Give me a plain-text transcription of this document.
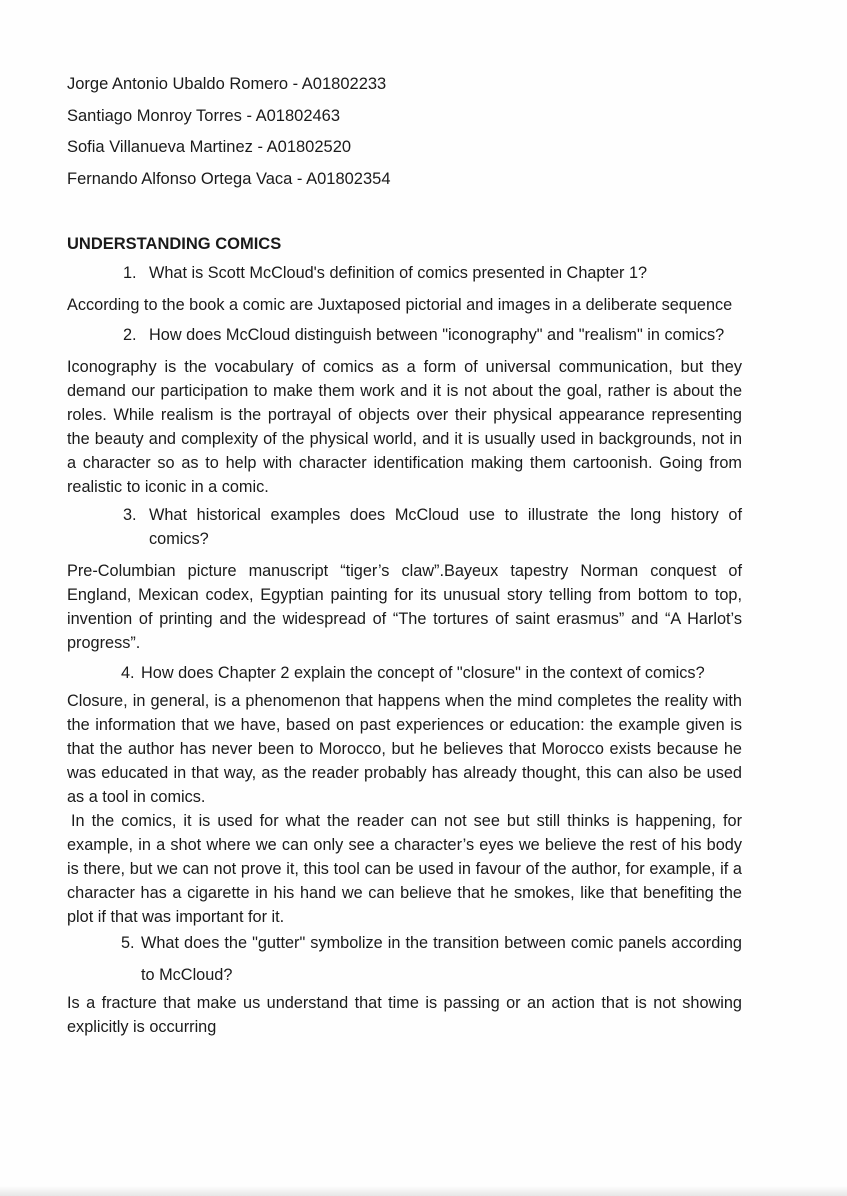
Jorge Antonio Ubaldo Romero - A01802233
Santiago Monroy Torres - A01802463
Sofia Villanueva Martinez - A01802520
Fernando Alfonso Ortega Vaca - A01802354
UNDERSTANDING COMICS
1. What is Scott McCloud's definition of comics presented in Chapter 1?
According to the book a comic are Juxtaposed pictorial and images in a deliberate sequence
2. How does McCloud distinguish between "iconography" and "realism" in comics?
Iconography is the vocabulary of comics as a form of universal communication, but they demand our participation to make them work and it is not about the goal, rather is about the roles. While realism is the portrayal of objects over their physical appearance representing the beauty and complexity of the physical world, and it is usually used in backgrounds, not in a character so as to help with character identification making them cartoonish. Going from realistic to iconic in a comic.
3. What historical examples does McCloud use to illustrate the long history of comics?
Pre-Columbian picture manuscript “tiger’s claw”.Bayeux tapestry Norman conquest of England, Mexican codex, Egyptian painting for its unusual story telling from bottom to top, invention of printing and the widespread of “The tortures of saint erasmus” and “A Harlot’s progress”.
4. How does Chapter 2 explain the concept of "closure" in the context of comics?
Closure, in general, is a phenomenon that happens when the mind completes the reality with the information that we have, based on past experiences or education: the example given is that the author has never been to Morocco, but he believes that Morocco exists because he was educated in that way, as the reader probably has already thought, this can also be used as a tool in comics.
In the comics, it is used for what the reader can not see but still thinks is happening, for example, in a shot where we can only see a character’s eyes we believe the rest of his body is there, but we can not prove it, this tool can be used in favour of the author, for example, if a character has a cigarette in his hand we can believe that he smokes, like that benefiting the plot if that was important for it.
5. What does the "gutter" symbolize in the transition between comic panels according to McCloud?
Is a fracture that make us understand that time is passing or an action that is not showing explicitly is occurring
